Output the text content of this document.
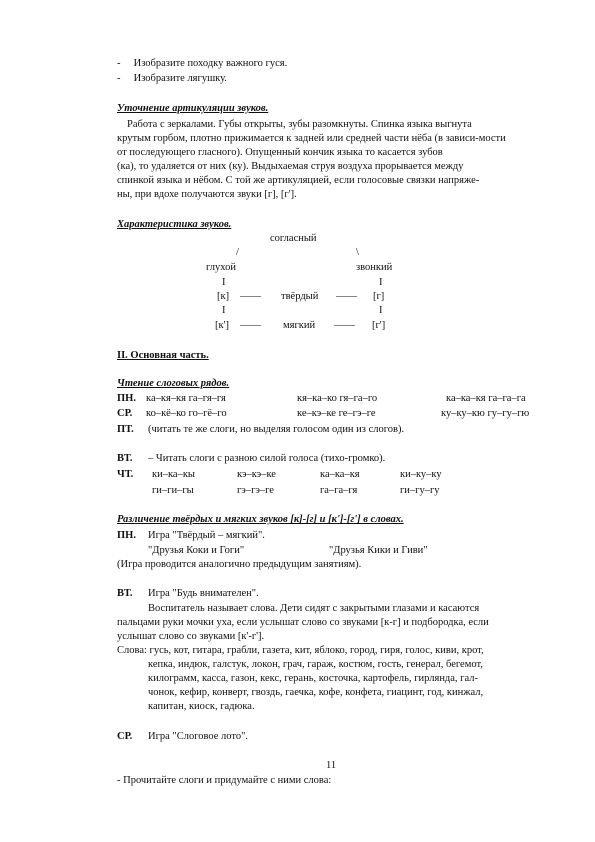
-     Изобразите походку важного гуся.
-     Изобразите лягушку.
Уточнение артикуляции звуков.
Работа с зеркалами. Губы открыты, зубы разомкнуты. Спинка языка выгнута
крутым горбом, плотно прижимается к задней или средней части нёба (в зависи-мости
от последующего гласного). Опущенный кончик языка то касается зубов
(ка), то удаляется от них (ку). Выдыхаемая струя воздуха прорывается между
спинкой языка и нёбом. С той же артикуляцией, если голосовые связки напряже-
ны, при вдохе получаются звуки [г], [г'].
Характеристика звуков.
согласный
/	\
глухой	звонкий
I	I
[к] —— твёрдый —— [г]
I	I
[к'] —— мягкий —— [г']
II. Основная часть.
Чтение слоговых рядов.
ПН. ка–кя–кя га–гя–гя	кя–ка–ко гя–га–го	ка–ка–кя га–га–га
СР. ко–кё–ко го–гё–го	ке–кэ–ке ге–гэ–ге	ку–ку–кю гу–гу–гю
ПТ. (читать те же слоги, но выделяя голосом один из слогов).
ВТ. – Читать слоги с разною силой голоса (тихо-громко).
ЧТ. ки–ка–кы	кэ–кэ–ке	ка–ка–кя	ки–ку–ку
ги–ги–гы	гэ–гэ–ге	га–га–гя	ги–гу–гу
Различение твёрдых и мягких звуков [к]-[г] и [к']-[г'] в словах.
ПН. Игра "Твёрдый – мягкий".
"Друзья Коки и Гоги"	"Друзья Кики и Гиви"
(Игра проводится аналогично предыдущим занятиям).
ВТ. Игра "Будь внимателен".
Воспитатель называет слова. Дети сидят с закрытыми глазами и касаются
пальцами руки мочки уха, если услышат слово со звуками [к-г] и подбородка, если
услышат слово со звуками [к'-г'].
Слова: гусь, кот, гитара, грабли, газета, кит, яблоко, город, гиря, голос, киви, крот,
кепка, индюк, галстук, локон, грач, гараж, костюм, гость, генерал, бегемот,
килограмм, касса, газон, кекс, герань, косточка, картофель, гирлянда, гал-
чонок, кефир, конверт, гвоздь, гаечка, кофе, конфета, гиацинт, год, кинжал,
капитан, киоск, гадюка.
СР. Игра "Слоговое лото".
11
- Прочитайте слоги и придумайте с ними слова:
